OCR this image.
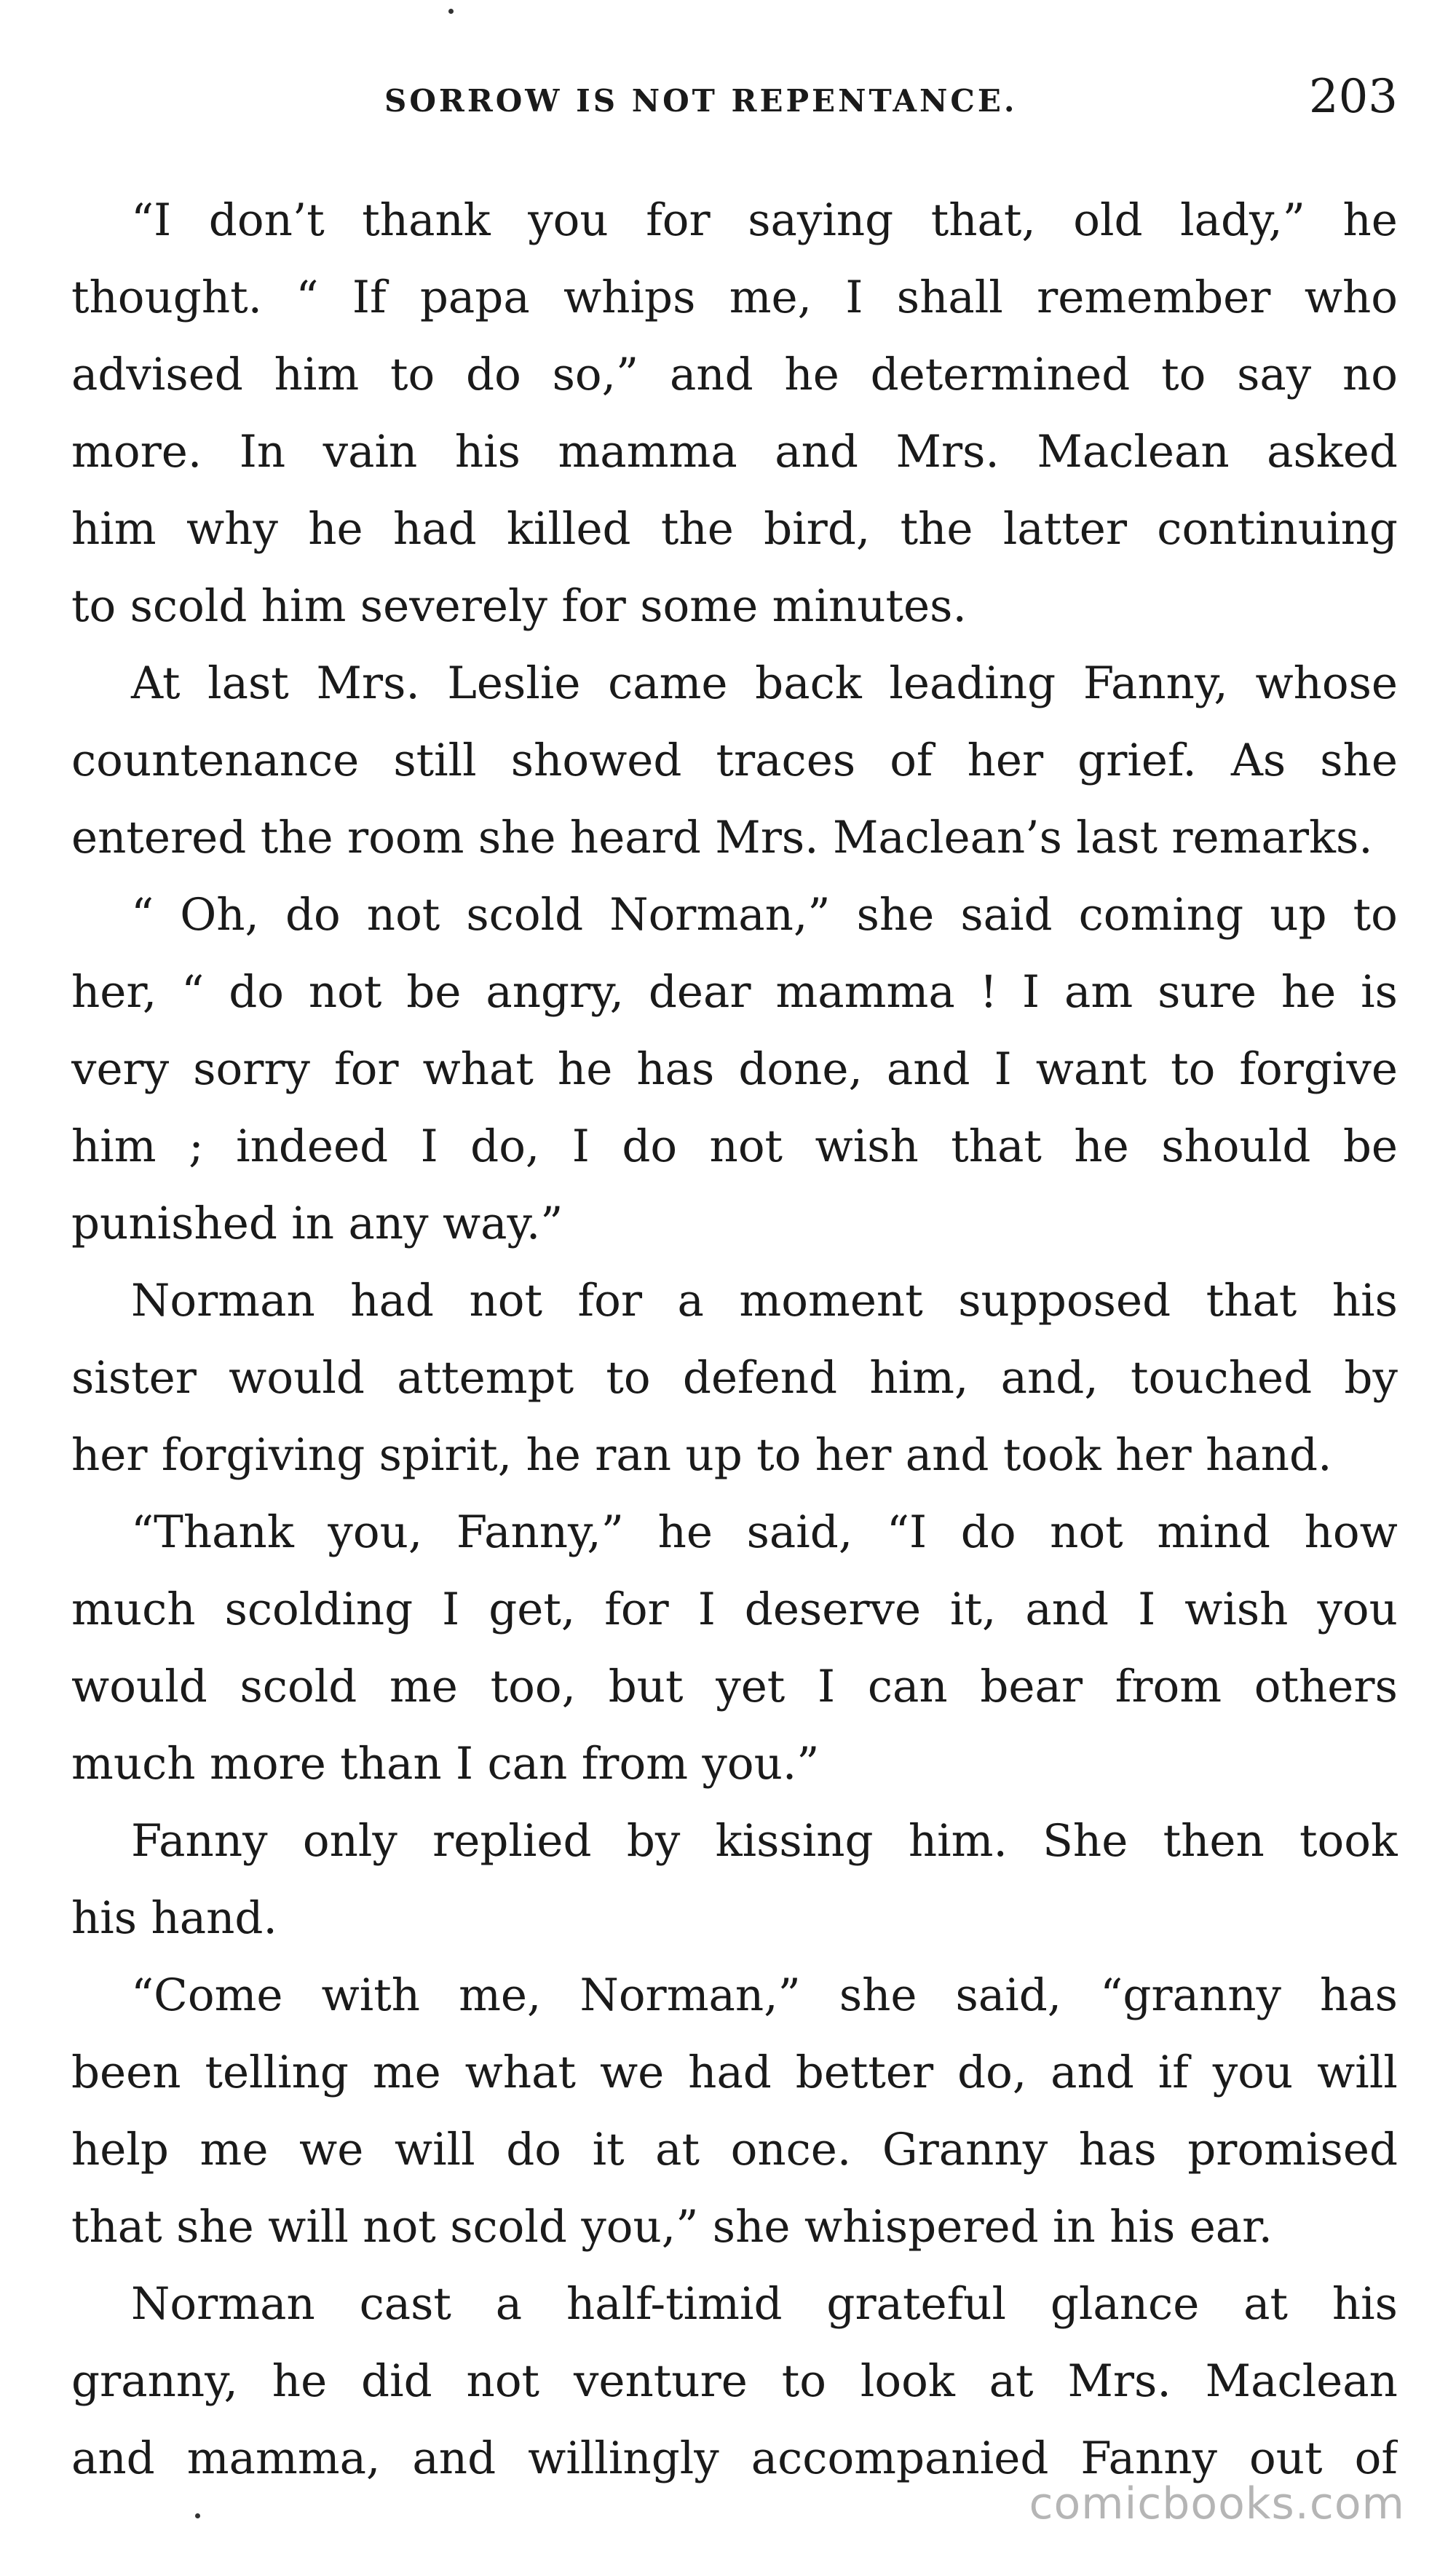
SORROW IS NOT REPENTANCE.	203
“I don’t thank you for saying that, old lady,” he
thought. “ If papa whips me, I shall remember who
advised him to do so,” and he determined to say no
more. In vain his mamma and Mrs. Maclean asked
him why he had killed the bird, the latter continuing
to scold him severely for some minutes.
At last Mrs. Leslie came back leading Fanny, whose
countenance still showed traces of her grief. As she
entered the room she heard Mrs. Maclean’s last remarks.
“ Oh, do not scold Norman,” she said coming up to
her, “ do not be angry, dear mamma ! I am sure he is
very sorry for what he has done, and I want to forgive
him ; indeed I do, I do not wish that he should be
punished in any way.”
Norman had not for a moment supposed that his
sister would attempt to defend him, and, touched by
her forgiving spirit, he ran up to her and took her hand.
“Thank you, Fanny,” he said, “I do not mind how
much scolding I get, for I deserve it, and I wish you
would scold me too, but yet I can bear from others
much more than I can from you.”
Fanny only replied by kissing him. She then took
his hand.
“Come with me, Norman,” she said, “granny has
been telling me what we had better do, and if you will
help me we will do it at once. Granny has promised
that she will not scold you,” she whispered in his ear.
Norman cast a half-timid grateful glance at his
granny, he did not venture to look at Mrs. Maclean
and mamma, and willingly accompanied Fanny out of
comicbooks.com
